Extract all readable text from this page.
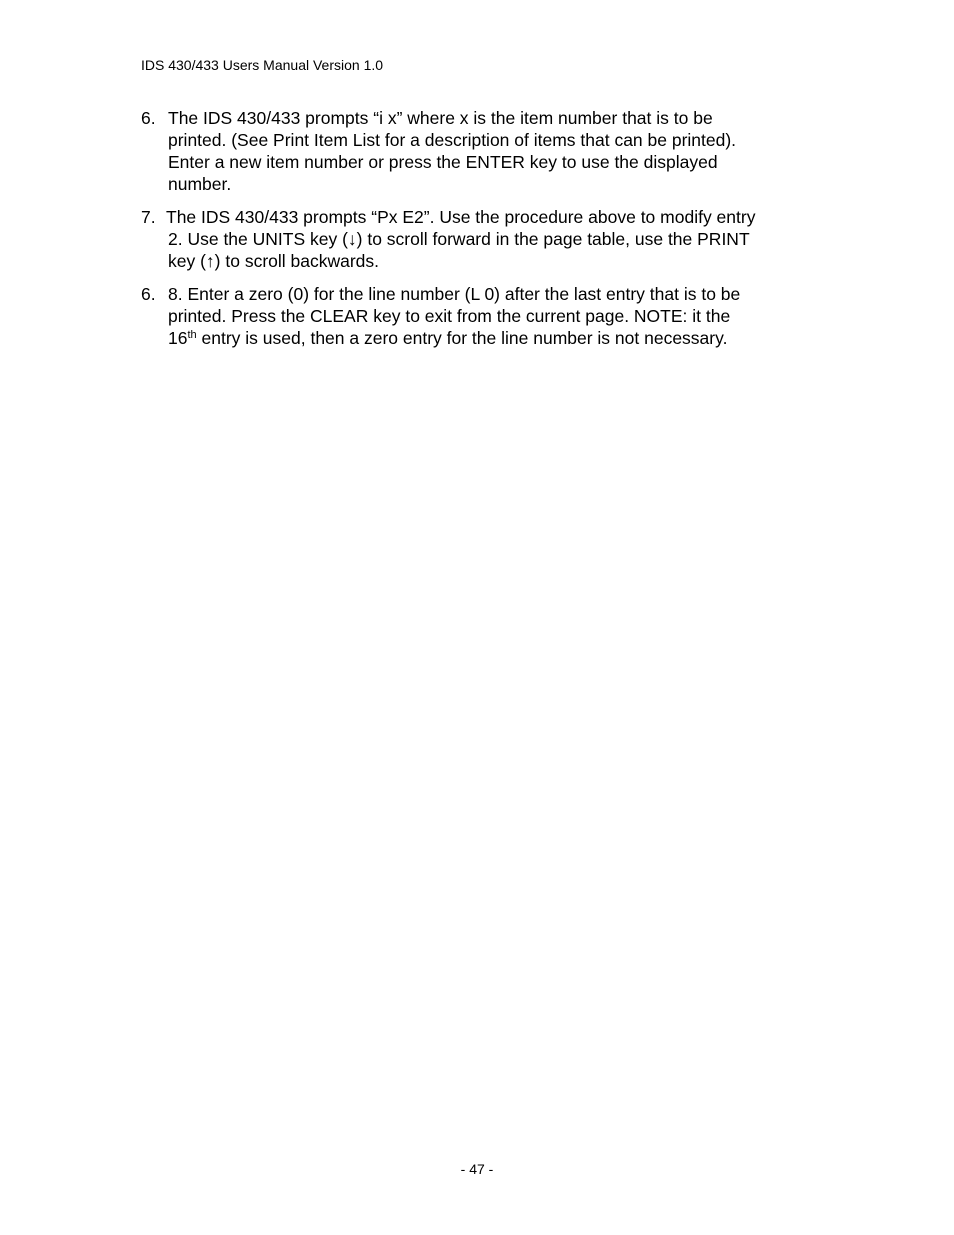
IDS 430/433 Users Manual Version 1.0
6. The IDS 430/433 prompts “i x” where x is the item number that is to be
printed. (See Print Item List for a description of items that can be printed).
Enter a new item number or press the ENTER key to use the displayed
number.
7. The IDS 430/433 prompts “Px E2”. Use the procedure above to modify entry
2. Use the UNITS key (↓) to scroll forward in the page table, use the PRINT
key (↑) to scroll backwards.
6. 8. Enter a zero (0) for the line number (L 0) after the last entry that is to be
printed. Press the CLEAR key to exit from the current page. NOTE: it the
16th entry is used, then a zero entry for the line number is not necessary.
- 47 -
